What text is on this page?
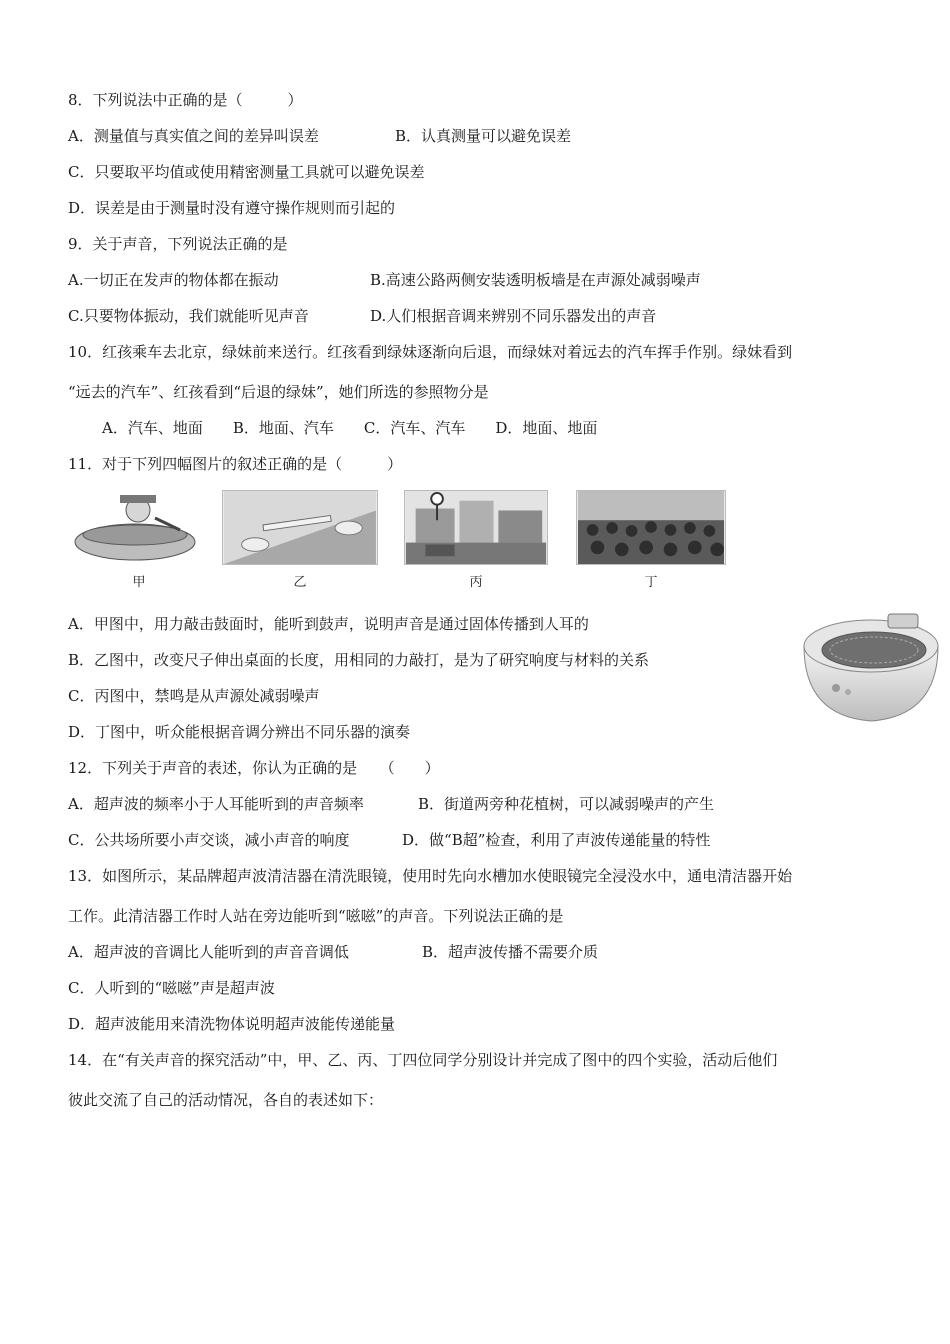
8．下列说法中正确的是（　　　）
A．测量值与真实值之间的差异叫误差	B．认真测量可以避免误差
C．只要取平均值或使用精密测量工具就可以避免误差
D．误差是由于测量时没有遵守操作规则而引起的
9．关于声音，下列说法正确的是
A.一切正在发声的物体都在振动	B.高速公路两侧安装透明板墙是在声源处减弱噪声
C.只要物体振动，我们就能听见声音	D.人们根据音调来辨别不同乐器发出的声音
10．红孩乘车去北京，绿妹前来送行。红孩看到绿妹逐渐向后退，而绿妹对着远去的汽车挥手作别。绿妹看到
“远去的汽车”、红孩看到“后退的绿妹”，她们所选的参照物分是
A．汽车、地面　　B．地面、汽车　　C．汽车、汽车　　D．地面、地面
11．对于下列四幅图片的叙述正确的是（　　　）
甲	乙	丙	丁
A．甲图中，用力敲击鼓面时，能听到鼓声，说明声音是通过固体传播到人耳的
B．乙图中，改变尺子伸出桌面的长度，用相同的力敲打，是为了研究响度与材料的关系
C．丙图中，禁鸣是从声源处减弱噪声
D．丁图中，听众能根据音调分辨出不同乐器的演奏
12．下列关于声音的表述，你认为正确的是　　（　　）
A．超声波的频率小于人耳能听到的声音频率	B．街道两旁种花植树，可以减弱噪声的产生
C．公共场所要小声交谈，减小声音的响度	D．做“B超”检查，利用了声波传递能量的特性
13．如图所示，某品牌超声波清洁器在清洗眼镜，使用时先向水槽加水使眼镜完全浸没水中，通电清洁器开始
工作。此清洁器工作时人站在旁边能听到“嗞嗞”的声音。下列说法正确的是
A．超声波的音调比人能听到的声音音调低	B．超声波传播不需要介质
C．人听到的“嗞嗞”声是超声波
D．超声波能用来清洗物体说明超声波能传递能量
14．在“有关声音的探究活动”中，甲、乙、丙、丁四位同学分别设计并完成了图中的四个实验，活动后他们
彼此交流了自己的活动情况，各自的表述如下：
